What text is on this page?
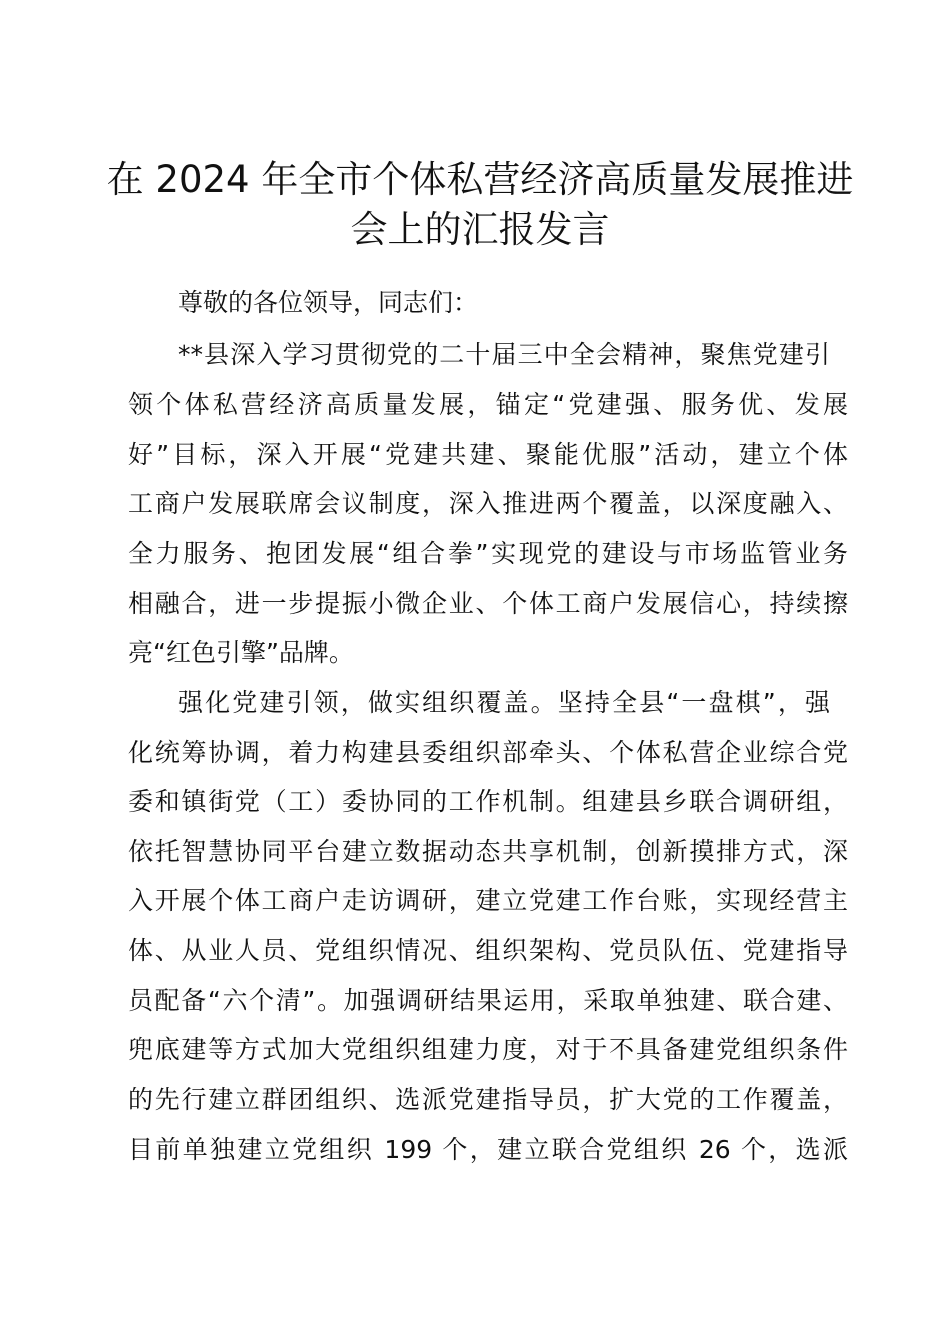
在 2024 年全市个体私营经济高质量发展推进
会上的汇报发言
尊敬的各位领导，同志们：
**县深入学习贯彻党的二十届三中全会精神，聚焦党建引
领个体私营经济高质量发展，锚定“党建强、服务优、发展
好”目标，深入开展“党建共建、聚能优服”活动，建立个体
工商户发展联席会议制度，深入推进两个覆盖，以深度融入、
全力服务、抱团发展“组合拳”实现党的建设与市场监管业务
相融合，进一步提振小微企业、个体工商户发展信心，持续擦
亮“红色引擎”品牌。
强化党建引领，做实组织覆盖。坚持全县“一盘棋”，强
化统筹协调，着力构建县委组织部牵头、个体私营企业综合党
委和镇街党（工）委协同的工作机制。组建县乡联合调研组，
依托智慧协同平台建立数据动态共享机制，创新摸排方式，深
入开展个体工商户走访调研，建立党建工作台账，实现经营主
体、从业人员、党组织情况、组织架构、党员队伍、党建指导
员配备“六个清”。加强调研结果运用，采取单独建、联合建、
兜底建等方式加大党组织组建力度，对于不具备建党组织条件
的先行建立群团组织、选派党建指导员，扩大党的工作覆盖，
目前单独建立党组织 199 个，建立联合党组织 26 个，选派
